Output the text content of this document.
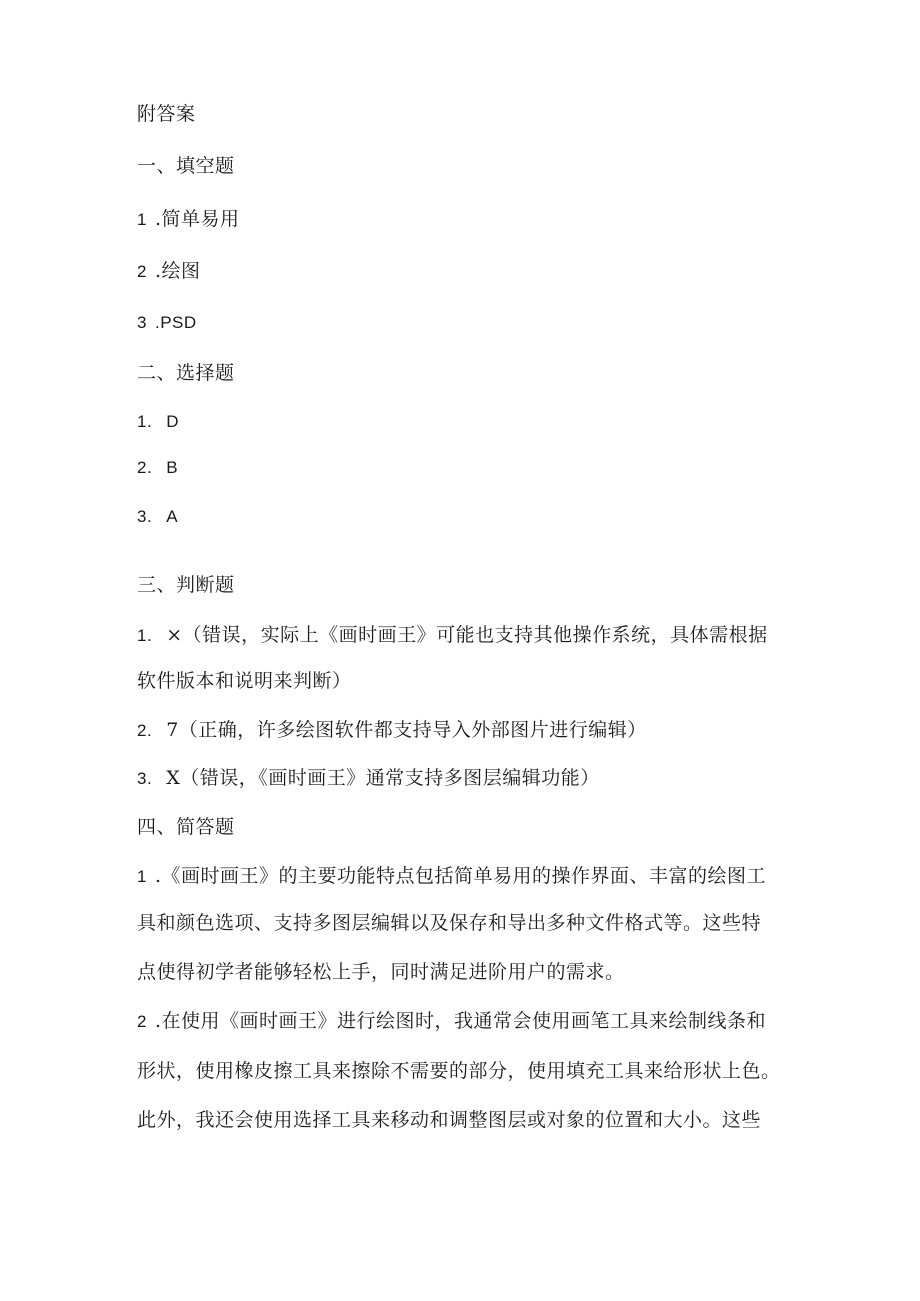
附答案
一、填空题
1 .简单易用
2 .绘图
3 .PSD
二、选择题
1. D
2. B
3. A
三、判断题
1. ×（错误，实际上《画时画王》可能也支持其他操作系统，具体需根据
软件版本和说明来判断）
2. 7（正确，许多绘图软件都支持导入外部图片进行编辑）
3. X（错误，《画时画王》通常支持多图层编辑功能）
四、简答题
1 .《画时画王》的主要功能特点包括简单易用的操作界面、丰富的绘图工
具和颜色选项、支持多图层编辑以及保存和导出多种文件格式等。这些特
点使得初学者能够轻松上手，同时满足进阶用户的需求。
2 .在使用《画时画王》进行绘图时，我通常会使用画笔工具来绘制线条和
形状，使用橡皮擦工具来擦除不需要的部分，使用填充工具来给形状上色。
此外，我还会使用选择工具来移动和调整图层或对象的位置和大小。这些
